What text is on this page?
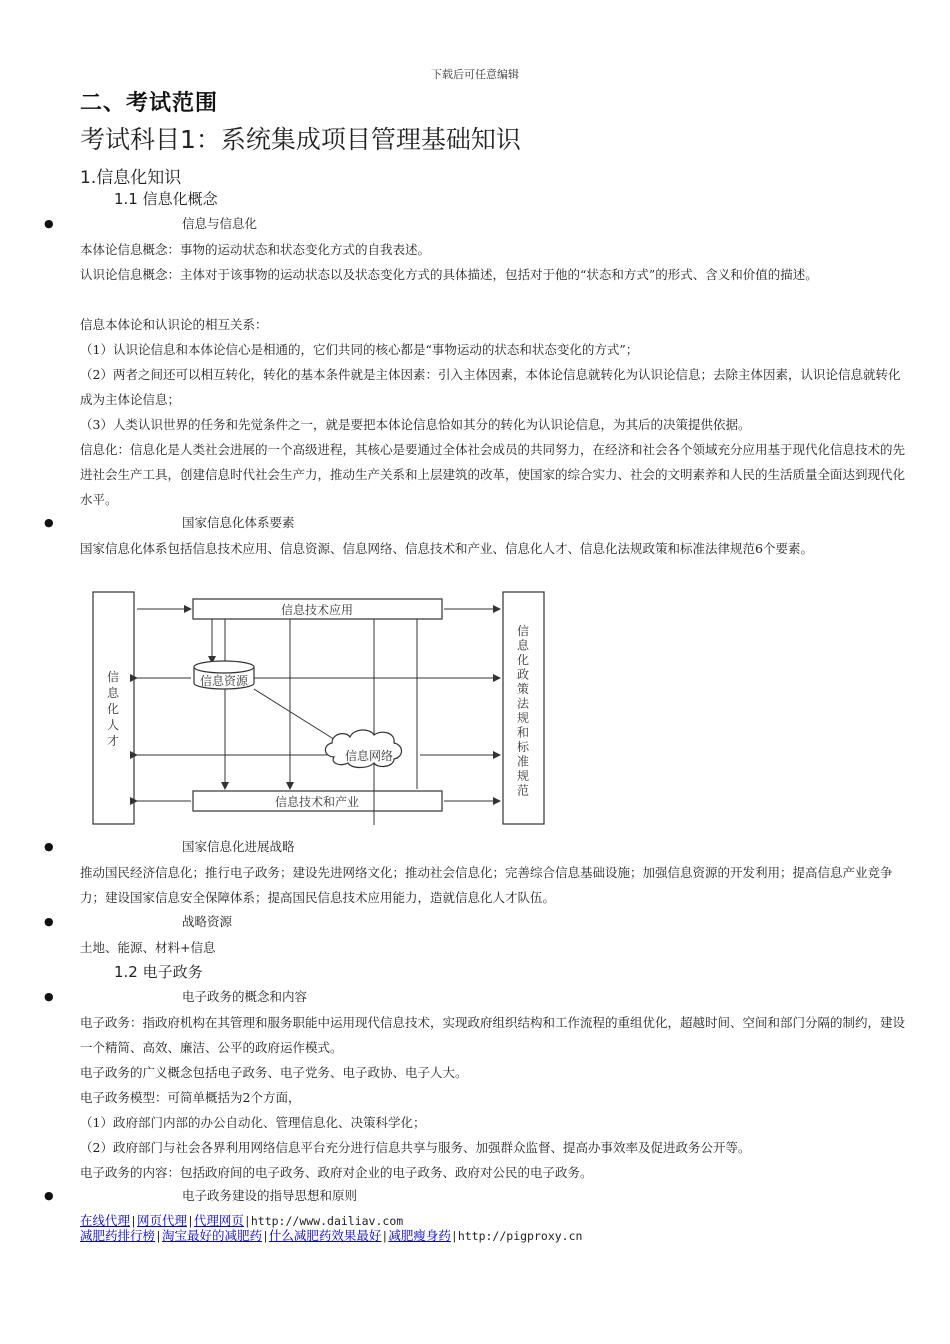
下载后可任意编辑
二、考试范围
考试科目1：系统集成项目管理基础知识
1.信息化知识
1.1 信息化概念
●	信息与信息化
本体论信息概念：事物的运动状态和状态变化方式的自我表述。
认识论信息概念：主体对于该事物的运动状态以及状态变化方式的具体描述，包括对于他的“状态和方式”的形式、含义和价值的描述。
信息本体论和认识论的相互关系：
（1）认识论信息和本体论信心是相通的，它们共同的核心都是“事物运动的状态和状态变化的方式”；
（2）两者之间还可以相互转化，转化的基本条件就是主体因素：引入主体因素，本体论信息就转化为认识论信息；去除主体因素，认识论信息就转化成为主体论信息；
（3）人类认识世界的任务和先觉条件之一，就是要把本体论信息恰如其分的转化为认识论信息，为其后的决策提供依据。
信息化：信息化是人类社会进展的一个高级进程，其核心是要通过全体社会成员的共同努力，在经济和社会各个领域充分应用基于现代化信息技术的先进社会生产工具，创建信息时代社会生产力，推动生产关系和上层建筑的改革，使国家的综合实力、社会的文明素养和人民的生活质量全面达到现代化水平。
●	国家信息化体系要素
国家信息化体系包括信息技术应用、信息资源、信息网络、信息技术和产业、信息化人才、信息化法规政策和标准法律规范6个要素。
信息化人才
信息化政策法规和标准规范
信息技术应用
信息技术和产业
信息资源
信息网络
●	国家信息化进展战略
推动国民经济信息化；推行电子政务；建设先进网络文化；推动社会信息化；完善综合信息基础设施；加强信息资源的开发利用；提高信息产业竞争力；建设国家信息安全保障体系；提高国民信息技术应用能力，造就信息化人才队伍。
●	战略资源
土地、能源、材料+信息
1.2 电子政务
●	电子政务的概念和内容
电子政务：指政府机构在其管理和服务职能中运用现代信息技术，实现政府组织结构和工作流程的重组优化，超越时间、空间和部门分隔的制约，建设一个精简、高效、廉洁、公平的政府运作模式。
电子政务的广义概念包括电子政务、电子党务、电子政协、电子人大。
电子政务模型：可简单概括为2个方面，
（1）政府部门内部的办公自动化、管理信息化、决策科学化；
（2）政府部门与社会各界利用网络信息平台充分进行信息共享与服务、加强群众监督、提高办事效率及促进政务公开等。
电子政务的内容：包括政府间的电子政务、政府对企业的电子政务、政府对公民的电子政务。
●	电子政务建设的指导思想和原则
在线代理|网页代理|代理网页|http://www.dailiav.com
减肥药排行榜|淘宝最好的减肥药|什么减肥药效果最好|减肥瘦身药|http://pigproxy.cn
